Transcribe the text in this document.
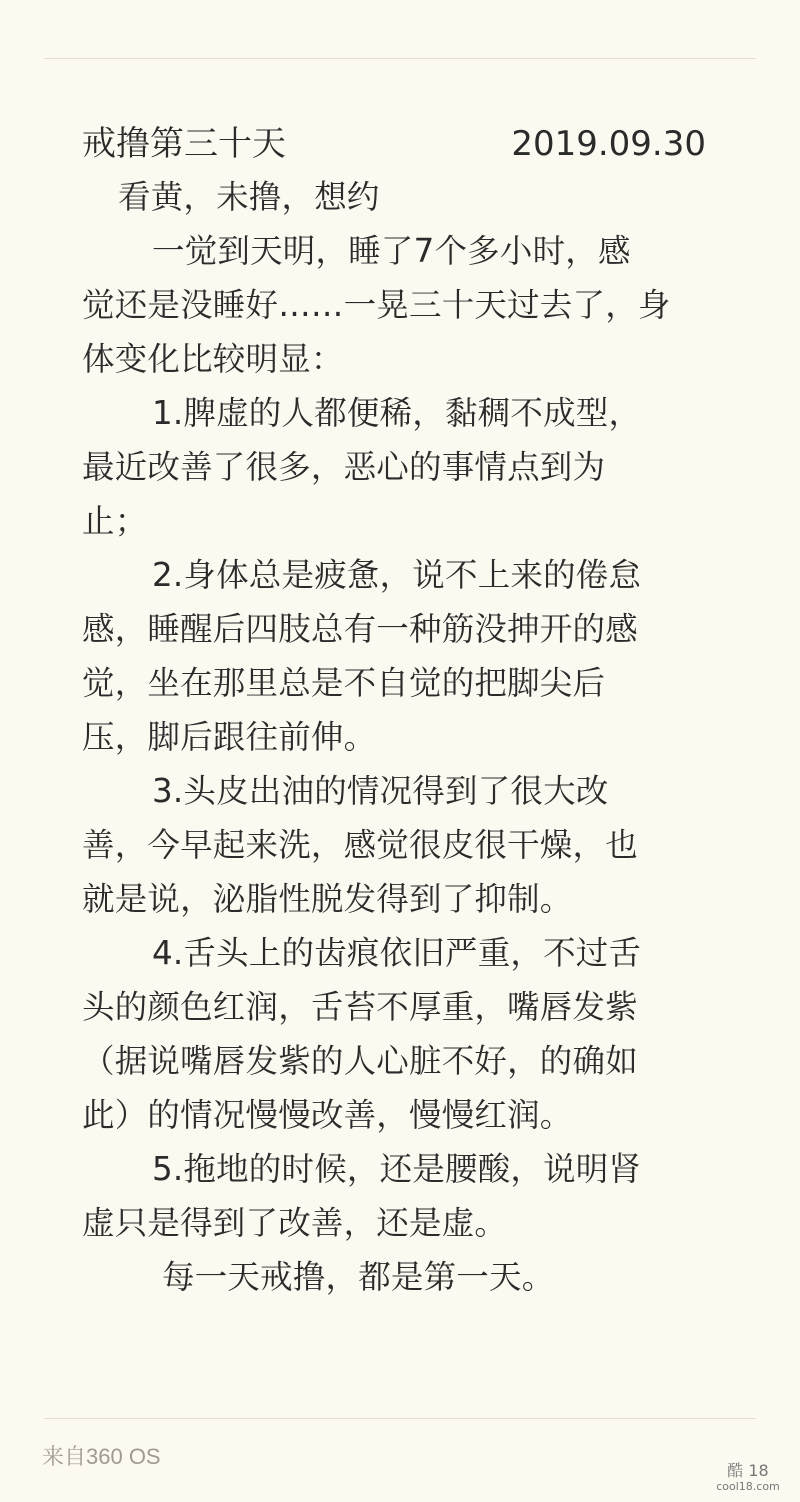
戒撸第三十天	2019.09.30
看黄，未撸，想约
一觉到天明，睡了7个多小时，感
觉还是没睡好……一晃三十天过去了，身
体变化比较明显：
1.脾虚的人都便稀，黏稠不成型，
最近改善了很多，恶心的事情点到为
止；
2.身体总是疲惫，说不上来的倦怠
感，睡醒后四肢总有一种筋没抻开的感
觉，坐在那里总是不自觉的把脚尖后
压，脚后跟往前伸。
3.头皮出油的情况得到了很大改
善，今早起来洗，感觉很皮很干燥，也
就是说，泌脂性脱发得到了抑制。
4.舌头上的齿痕依旧严重，不过舌
头的颜色红润，舌苔不厚重，嘴唇发紫
（据说嘴唇发紫的人心脏不好，的确如
此）的情况慢慢改善，慢慢红润。
5.拖地的时候，还是腰酸，说明肾
虚只是得到了改善，还是虚。
每一天戒撸，都是第一天。
来自360 OS
酷 18
cool18.com
